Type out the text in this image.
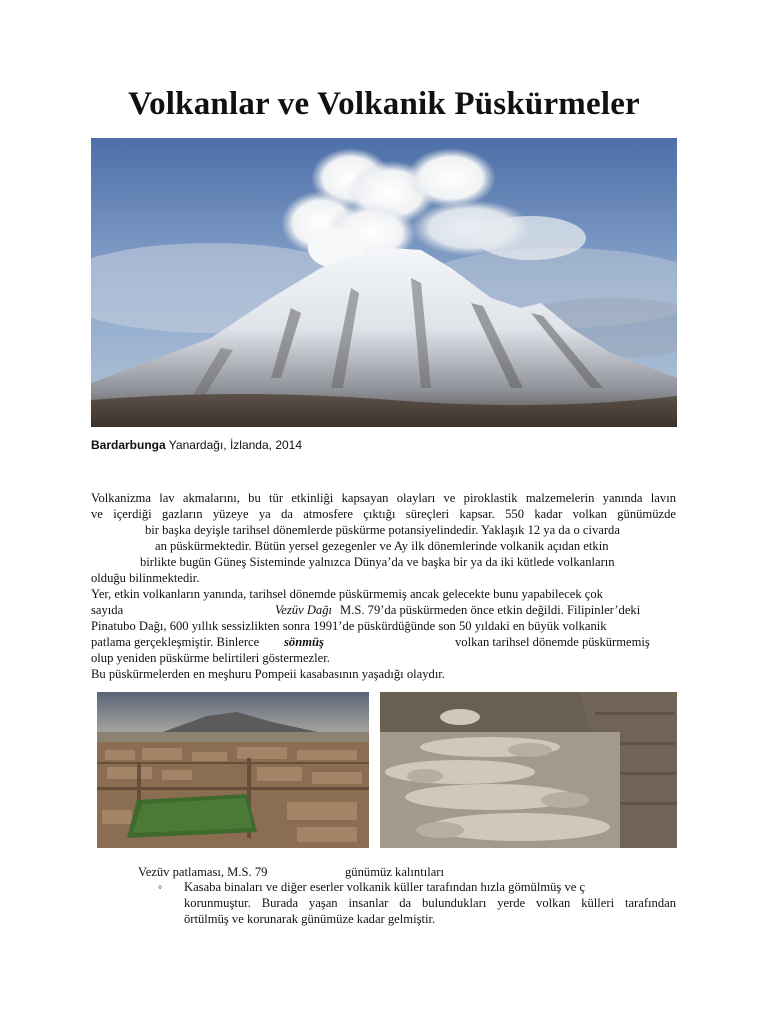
Volkanlar ve Volkanik Püskürmeler
Bardarbunga Yanardağı, İzlanda, 2014
Volkanizma lav akmalarını, bu tür etkinliği kapsayan olayları ve piroklastik malzemelerin yanında lavın
ve içerdiği gazların yüzeye ya da atmosfere çıktığı süreçleri kapsar. 550 kadar volkan günümüzde
bir başka deyişle tarihsel dönemlerde püskürme potansiyelindedir. Yaklaşık 12 ya da o civarda
an püskürmektedir. Bütün yersel gezegenler ve Ay ilk dönemlerinde volkanik açıdan etkin
birlikte bugün Güneş Sisteminde yalnızca Dünya’da ve başka bir ya da iki kütlede volkanların
olduğu bilinmektedir.
Yer, etkin volkanların yanında, tarihsel dönemde püskürmemiş ancak gelecekte bunu yapabilecek çok
sayıda	Vezüv Dağı M.S. 79’da püskürmeden önce etkin değildi. Filipinler’deki
Pinatubo Dağı, 600 yıllık sessizlikten sonra 1991’de püskürdüğünde son 50 yıldaki en büyük volkanik
patlama gerçekleşmiştir. Binlerce sönmüş	volkan tarihsel dönemde püskürmemiş
olup yeniden püskürme belirtileri göstermezler.
Bu püskürmelerden en meşhuru Pompeii kasabasının yaşadığı olaydır.
Vezüv patlaması, M.S. 79	günümüz kalıntıları
◦ Kasaba binaları ve diğer eserler volkanik küller tarafından hızla gömülmüş ve ç
korunmuştur. Burada yaşan insanlar da bulundukları yerde volkan külleri tarafından
örtülmüş ve korunarak günümüze kadar gelmiştir.
